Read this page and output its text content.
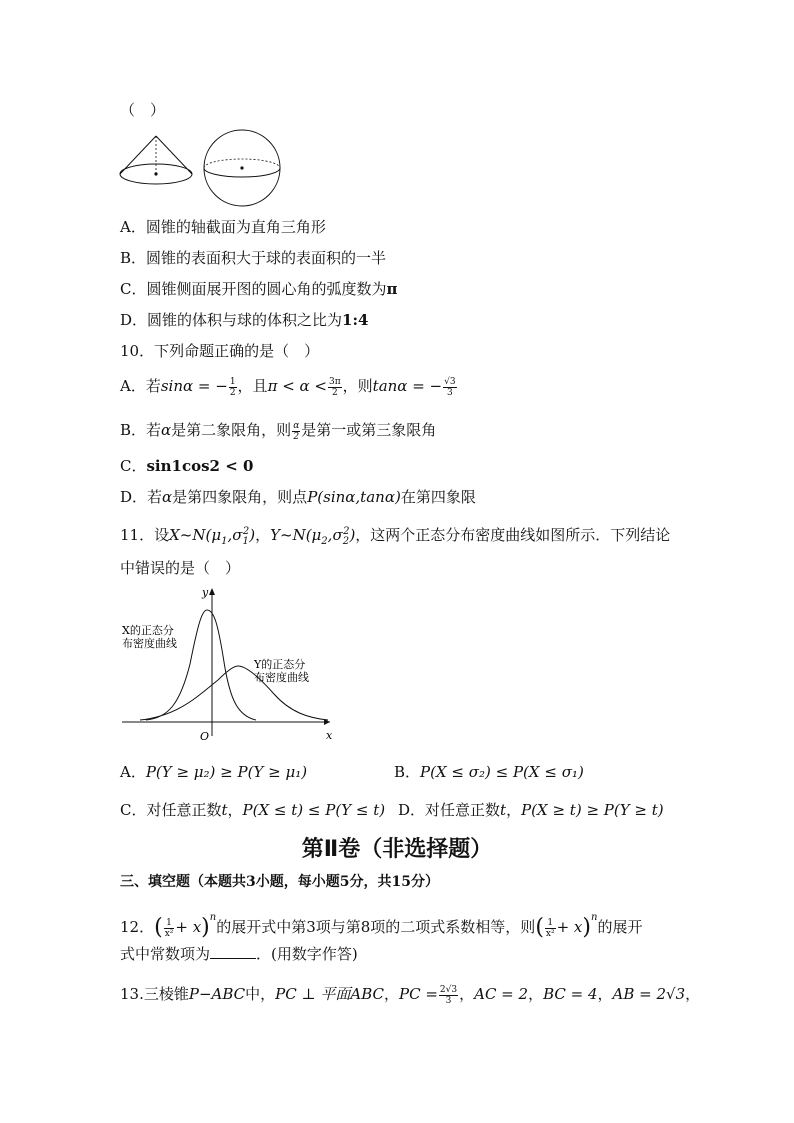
（　）
A．圆锥的轴截面为直角三角形
B．圆锥的表面积大于球的表面积的一半
C．圆锥侧面展开图的圆心角的弧度数为π
D．圆锥的体积与球的体积之比为1:4
10．下列命题正确的是（　）
A．若sinα = − $\frac{1}{2}$ ，且$\pi < \alpha < \frac{3\pi}{2}$ ，则tanα = − $\frac{√3}{3}$
B．若α是第二象限角，则 $\frac{\alpha}{2}$ 是第一或第三象限角
C．sin1cos2 < 0
D．若α是第四象限角，则点P(sinα,tanα)在第四象限
11．设$X\sim N(\mu_1,\sigma_1^2)$，$Y\sim N(\mu_2,\sigma_2^2)$，这两个正态分布密度曲线如图所示．下列结论
中错误的是（　）
y
x
O
X的正态分
布密度曲线
Y的正态分
布密度曲线
A．P(Y ≥ μ₂) ≥ P(Y ≥ μ₁)	B．P(X ≤ σ₂) ≤ P(X ≤ σ₁)
C．对任意正数t，P(X ≤ t) ≤ P(Y ≤ t) D．对任意正数t，P(X ≥ t) ≥ P(Y ≥ t)
第Ⅱ卷（非选择题）
三、填空题（本题共3小题，每小题5分，共15分）
12．( $\frac{1}{\text{x²}} + x)^n$的展开式中第3项与第8项的二项式系数相等，则( $\frac{1}{\text{x²}} + x)^n$的展开
式中常数项为	．(用数字作答)
13.三棱锥P−ABC中，PC ⊥ 平面ABC，PC = $\frac{2√3}{3}$ ，AC = 2，BC = 4，AB = 2√3，
